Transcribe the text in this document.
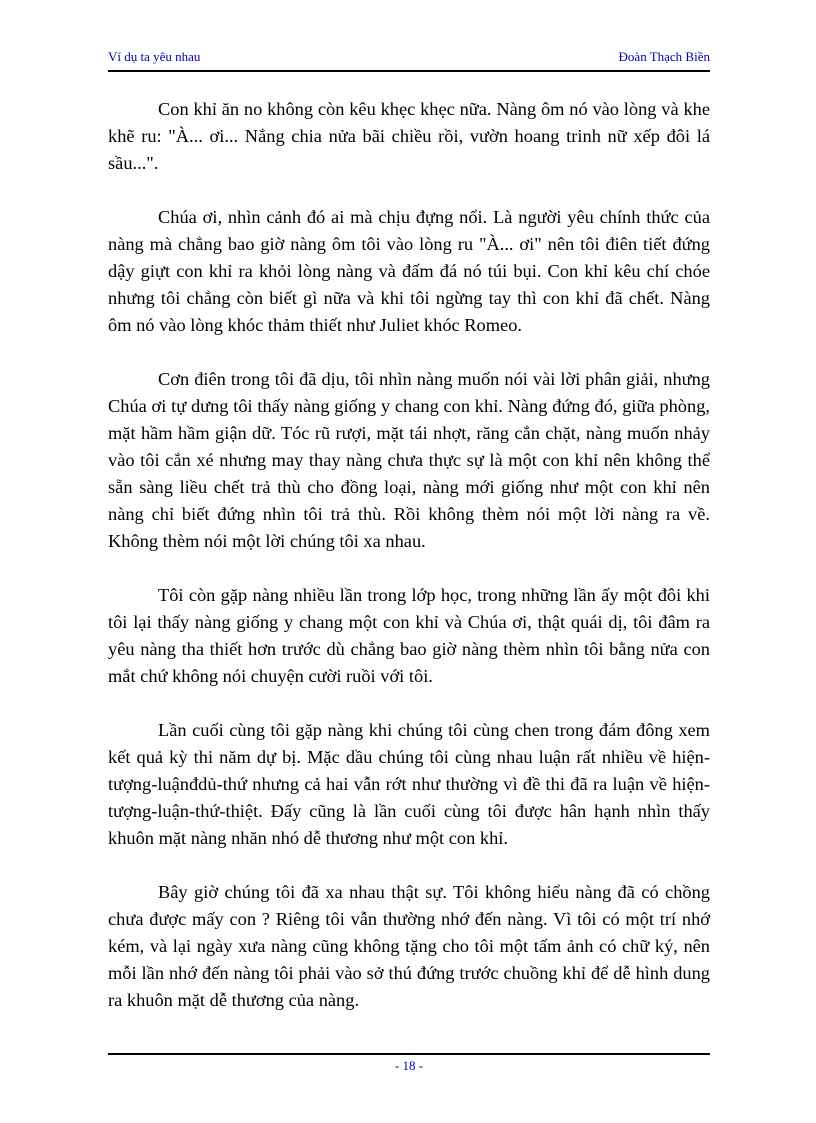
Ví dụ ta yêu nhau	Đoàn Thạch Biền

Con khỉ ăn no không còn kêu khẹc khẹc nữa. Nàng ôm nó vào lòng và khe khẽ ru: "À... ơi... Nắng chia nửa bãi chiều rồi, vườn hoang trinh nữ xếp đôi lá sầu...".

Chúa ơi, nhìn cảnh đó ai mà chịu đựng nổi. Là người yêu chính thức của nàng mà chẳng bao giờ nàng ôm tôi vào lòng ru "À... ơi" nên tôi điên tiết đứng dậy giựt con khỉ ra khỏi lòng nàng và đấm đá nó túi bụi. Con khỉ kêu chí chóe nhưng tôi chẳng còn biết gì nữa và khi tôi ngừng tay thì con khỉ đã chết. Nàng ôm nó vào lòng khóc thảm thiết như Juliet khóc Romeo.

Cơn điên trong tôi đã dịu, tôi nhìn nàng muốn nói vài lời phân giải, nhưng Chúa ơi tự dưng tôi thấy nàng giống y chang con khỉ. Nàng đứng đó, giữa phòng, mặt hầm hầm giận dữ. Tóc rũ rượi, mặt tái nhợt, răng cắn chặt, nàng muốn nhảy vào tôi cắn xé nhưng may thay nàng chưa thực sự là một con khỉ nên không thể sẵn sàng liều chết trả thù cho đồng loại, nàng mới giống như một con khỉ nên nàng chỉ biết đứng nhìn tôi trả thù. Rồi không thèm nói một lời nàng ra về. Không thèm nói một lời chúng tôi xa nhau.

Tôi còn gặp nàng nhiều lần trong lớp học, trong những lần ấy một đôi khi tôi lại thấy nàng giống y chang một con khỉ và Chúa ơi, thật quái dị, tôi đâm ra yêu nàng tha thiết hơn trước dù chẳng bao giờ nàng thèm nhìn tôi bằng nửa con mắt chứ không nói chuyện cười ruồi với tôi.

Lần cuối cùng tôi gặp nàng khi chúng tôi cùng chen trong đám đông xem kết quả kỳ thi năm dự bị. Mặc dầu chúng tôi cùng nhau luận rất nhiều về hiện-tượng-luậnđdủ-thứ nhưng cả hai vẫn rớt như thường vì đề thi đã ra luận về hiện-tượng-luận-thứ-thiệt. Đấy cũng là lần cuối cùng tôi được hân hạnh nhìn thấy khuôn mặt nàng nhăn nhó dễ thương như một con khỉ.

Bây giờ chúng tôi đã xa nhau thật sự. Tôi không hiểu nàng đã có chồng chưa được mấy con ? Riêng tôi vẫn thường nhớ đến nàng. Vì tôi có một trí nhớ kém, và lại ngày xưa nàng cũng không tặng cho tôi một tấm ảnh có chữ ký, nên mỗi lần nhớ đến nàng tôi phải vào sở thú đứng trước chuồng khỉ để dễ hình dung ra khuôn mặt dễ thương của nàng.

- 18 -
